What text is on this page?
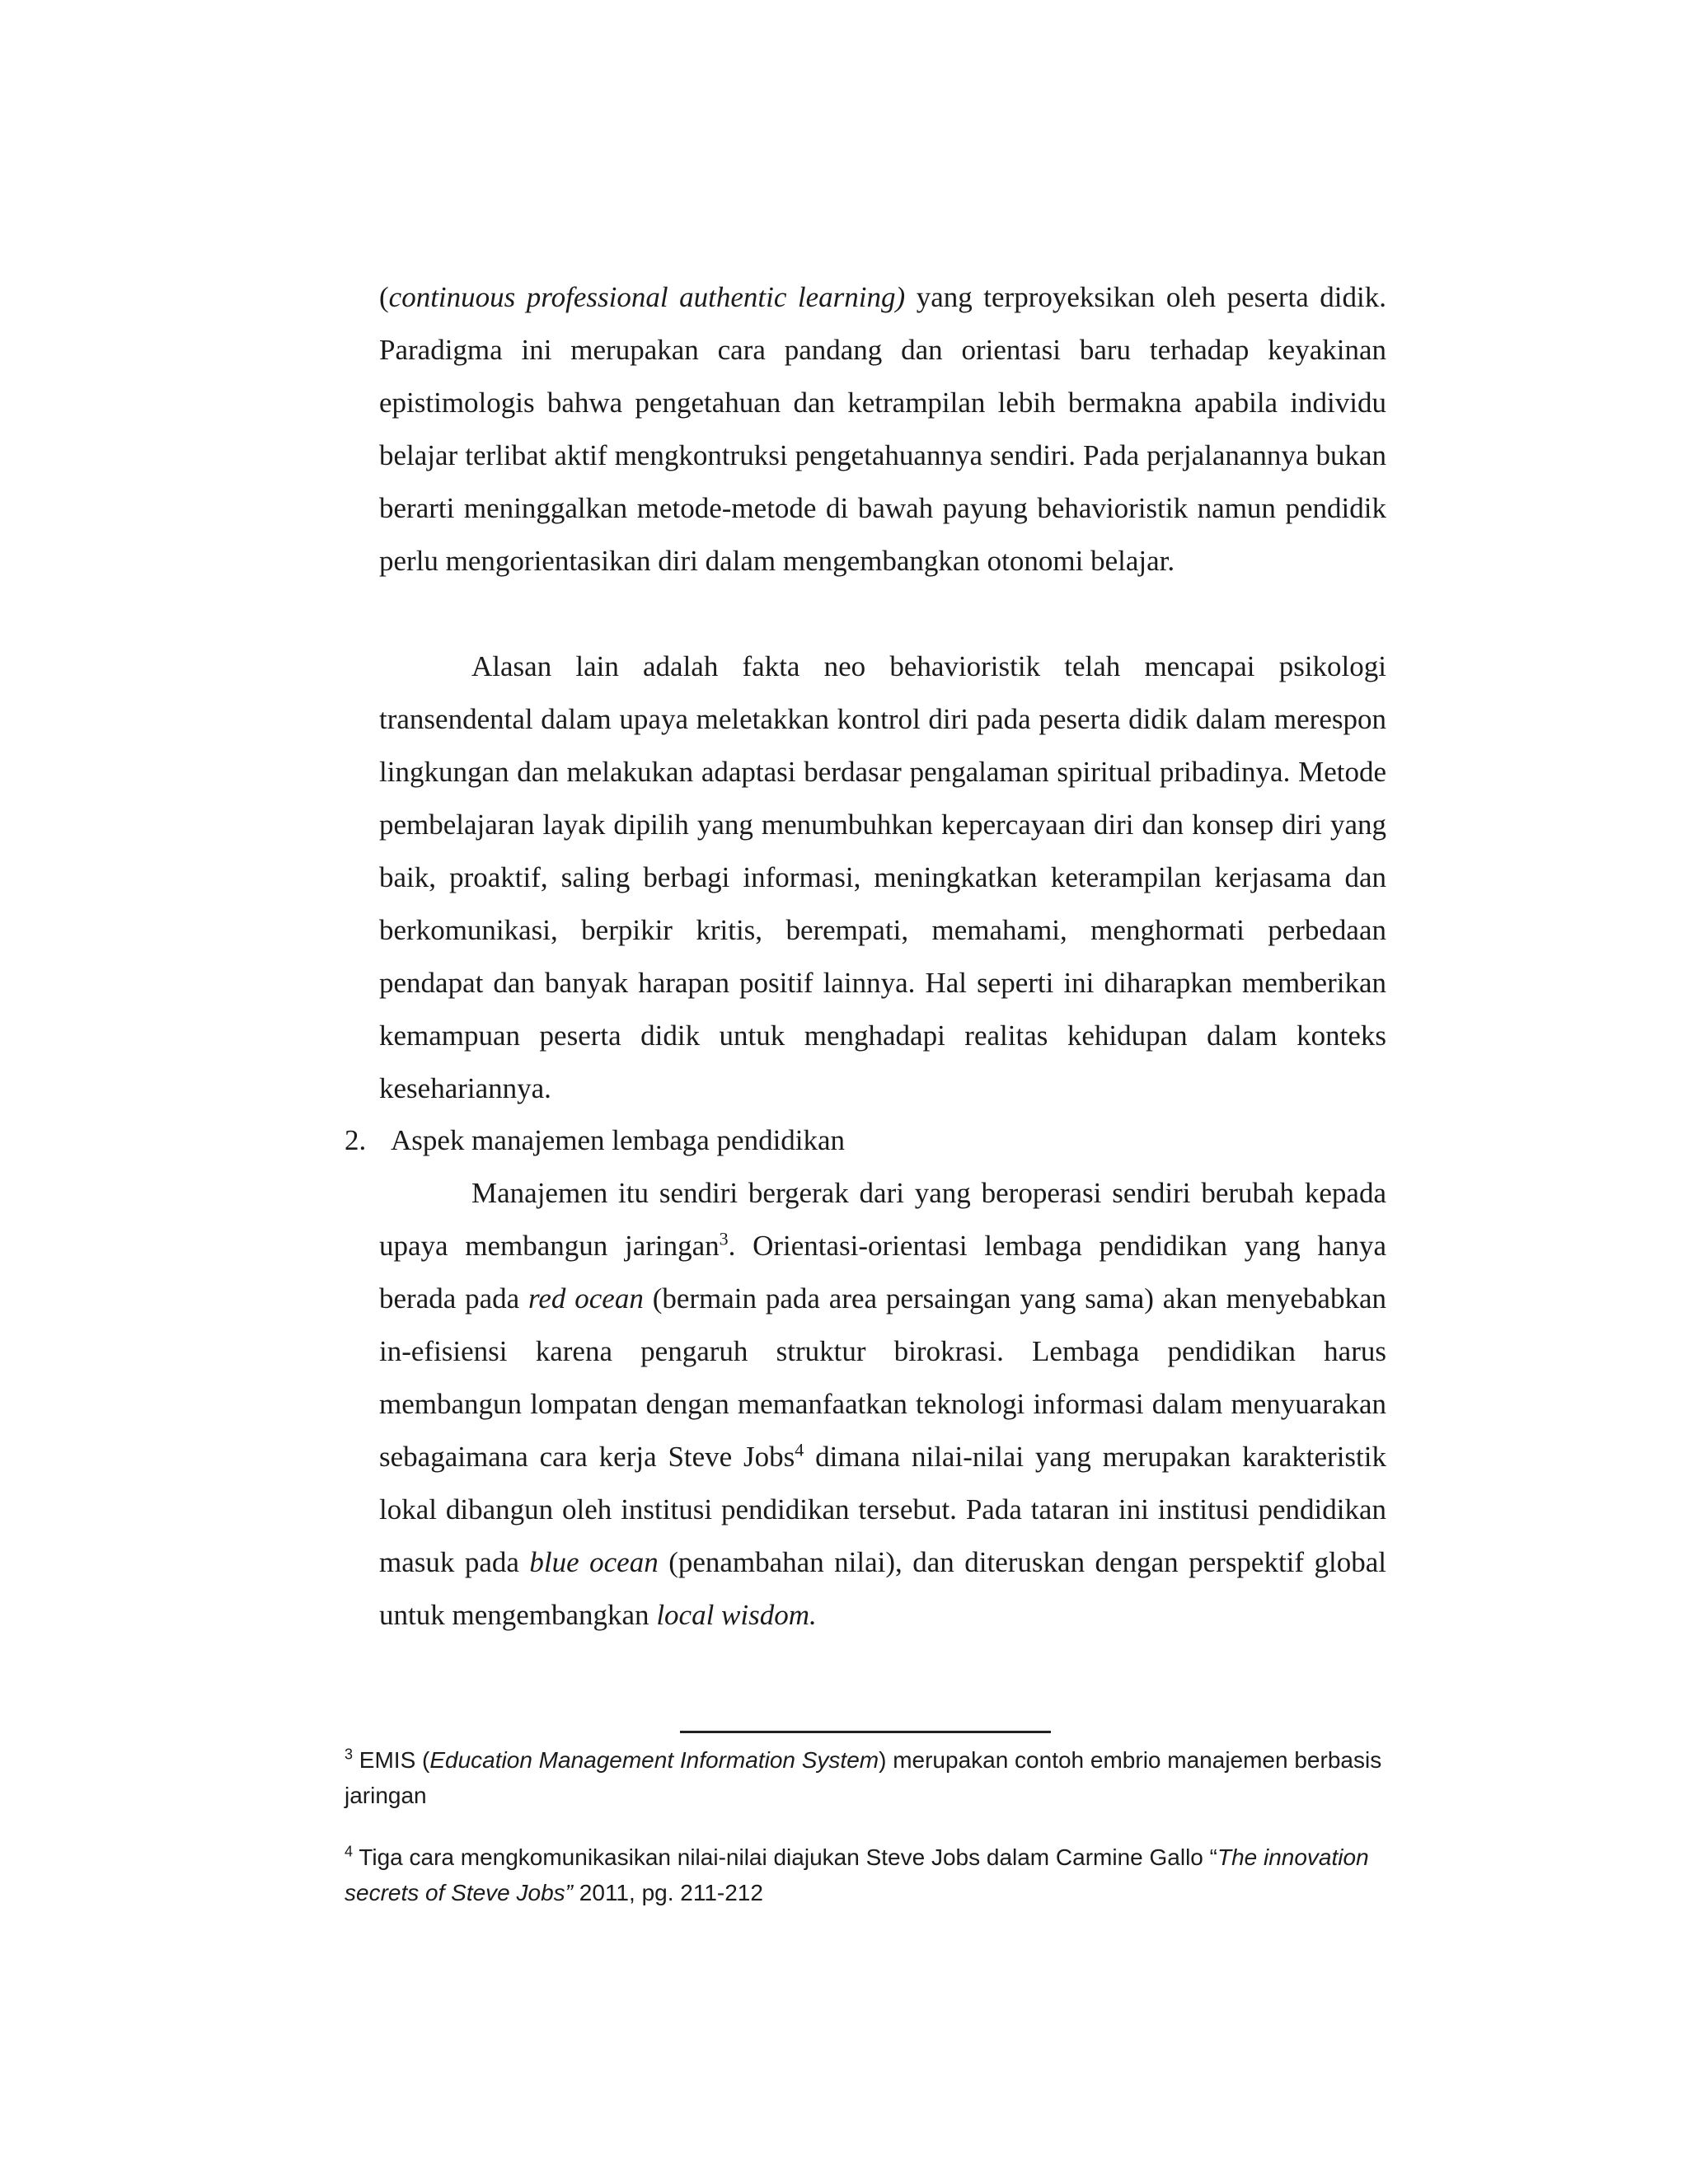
(continuous professional authentic learning) yang terproyeksikan oleh peserta didik. Paradigma ini merupakan cara pandang dan orientasi baru terhadap keyakinan epistimologis bahwa pengetahuan dan ketrampilan lebih bermakna apabila individu belajar terlibat aktif mengkontruksi pengetahuannya sendiri. Pada perjalanannya bukan berarti meninggalkan metode-metode di bawah payung behavioristik namun pendidik perlu mengorientasikan diri dalam mengembangkan otonomi belajar.

Alasan lain adalah fakta neo behavioristik telah mencapai psikologi transendental dalam upaya meletakkan kontrol diri pada peserta didik dalam merespon lingkungan dan melakukan adaptasi berdasar pengalaman spiritual pribadinya. Metode pembelajaran layak dipilih yang menumbuhkan kepercayaan diri dan konsep diri yang baik, proaktif, saling berbagi informasi, meningkatkan keterampilan kerjasama dan berkomunikasi, berpikir kritis, berempati, memahami, menghormati perbedaan pendapat dan banyak harapan positif lainnya. Hal seperti ini diharapkan memberikan kemampuan peserta didik untuk menghadapi realitas kehidupan dalam konteks kesehariannya.

2. Aspek manajemen lembaga pendidikan

Manajemen itu sendiri bergerak dari yang beroperasi sendiri berubah kepada upaya membangun jaringan$^3$. Orientasi-orientasi lembaga pendidikan yang hanya berada pada red ocean (bermain pada area persaingan yang sama) akan menyebabkan in-efisiensi karena pengaruh struktur birokrasi. Lembaga pendidikan harus membangun lompatan dengan memanfaatkan teknologi informasi dalam menyuarakan sebagaimana cara kerja Steve Jobs$^4$ dimana nilai-nilai yang merupakan karakteristik lokal dibangun oleh institusi pendidikan tersebut. Pada tataran ini institusi pendidikan masuk pada blue ocean (penambahan nilai), dan diteruskan dengan perspektif global untuk mengembangkan local wisdom.

$^3$ EMIS (Education Management Information System) merupakan contoh embrio manajemen berbasis jaringan

$^4$ Tiga cara mengkomunikasikan nilai-nilai diajukan Steve Jobs dalam Carmine Gallo “The innovation secrets of Steve Jobs” 2011, pg. 211-212
